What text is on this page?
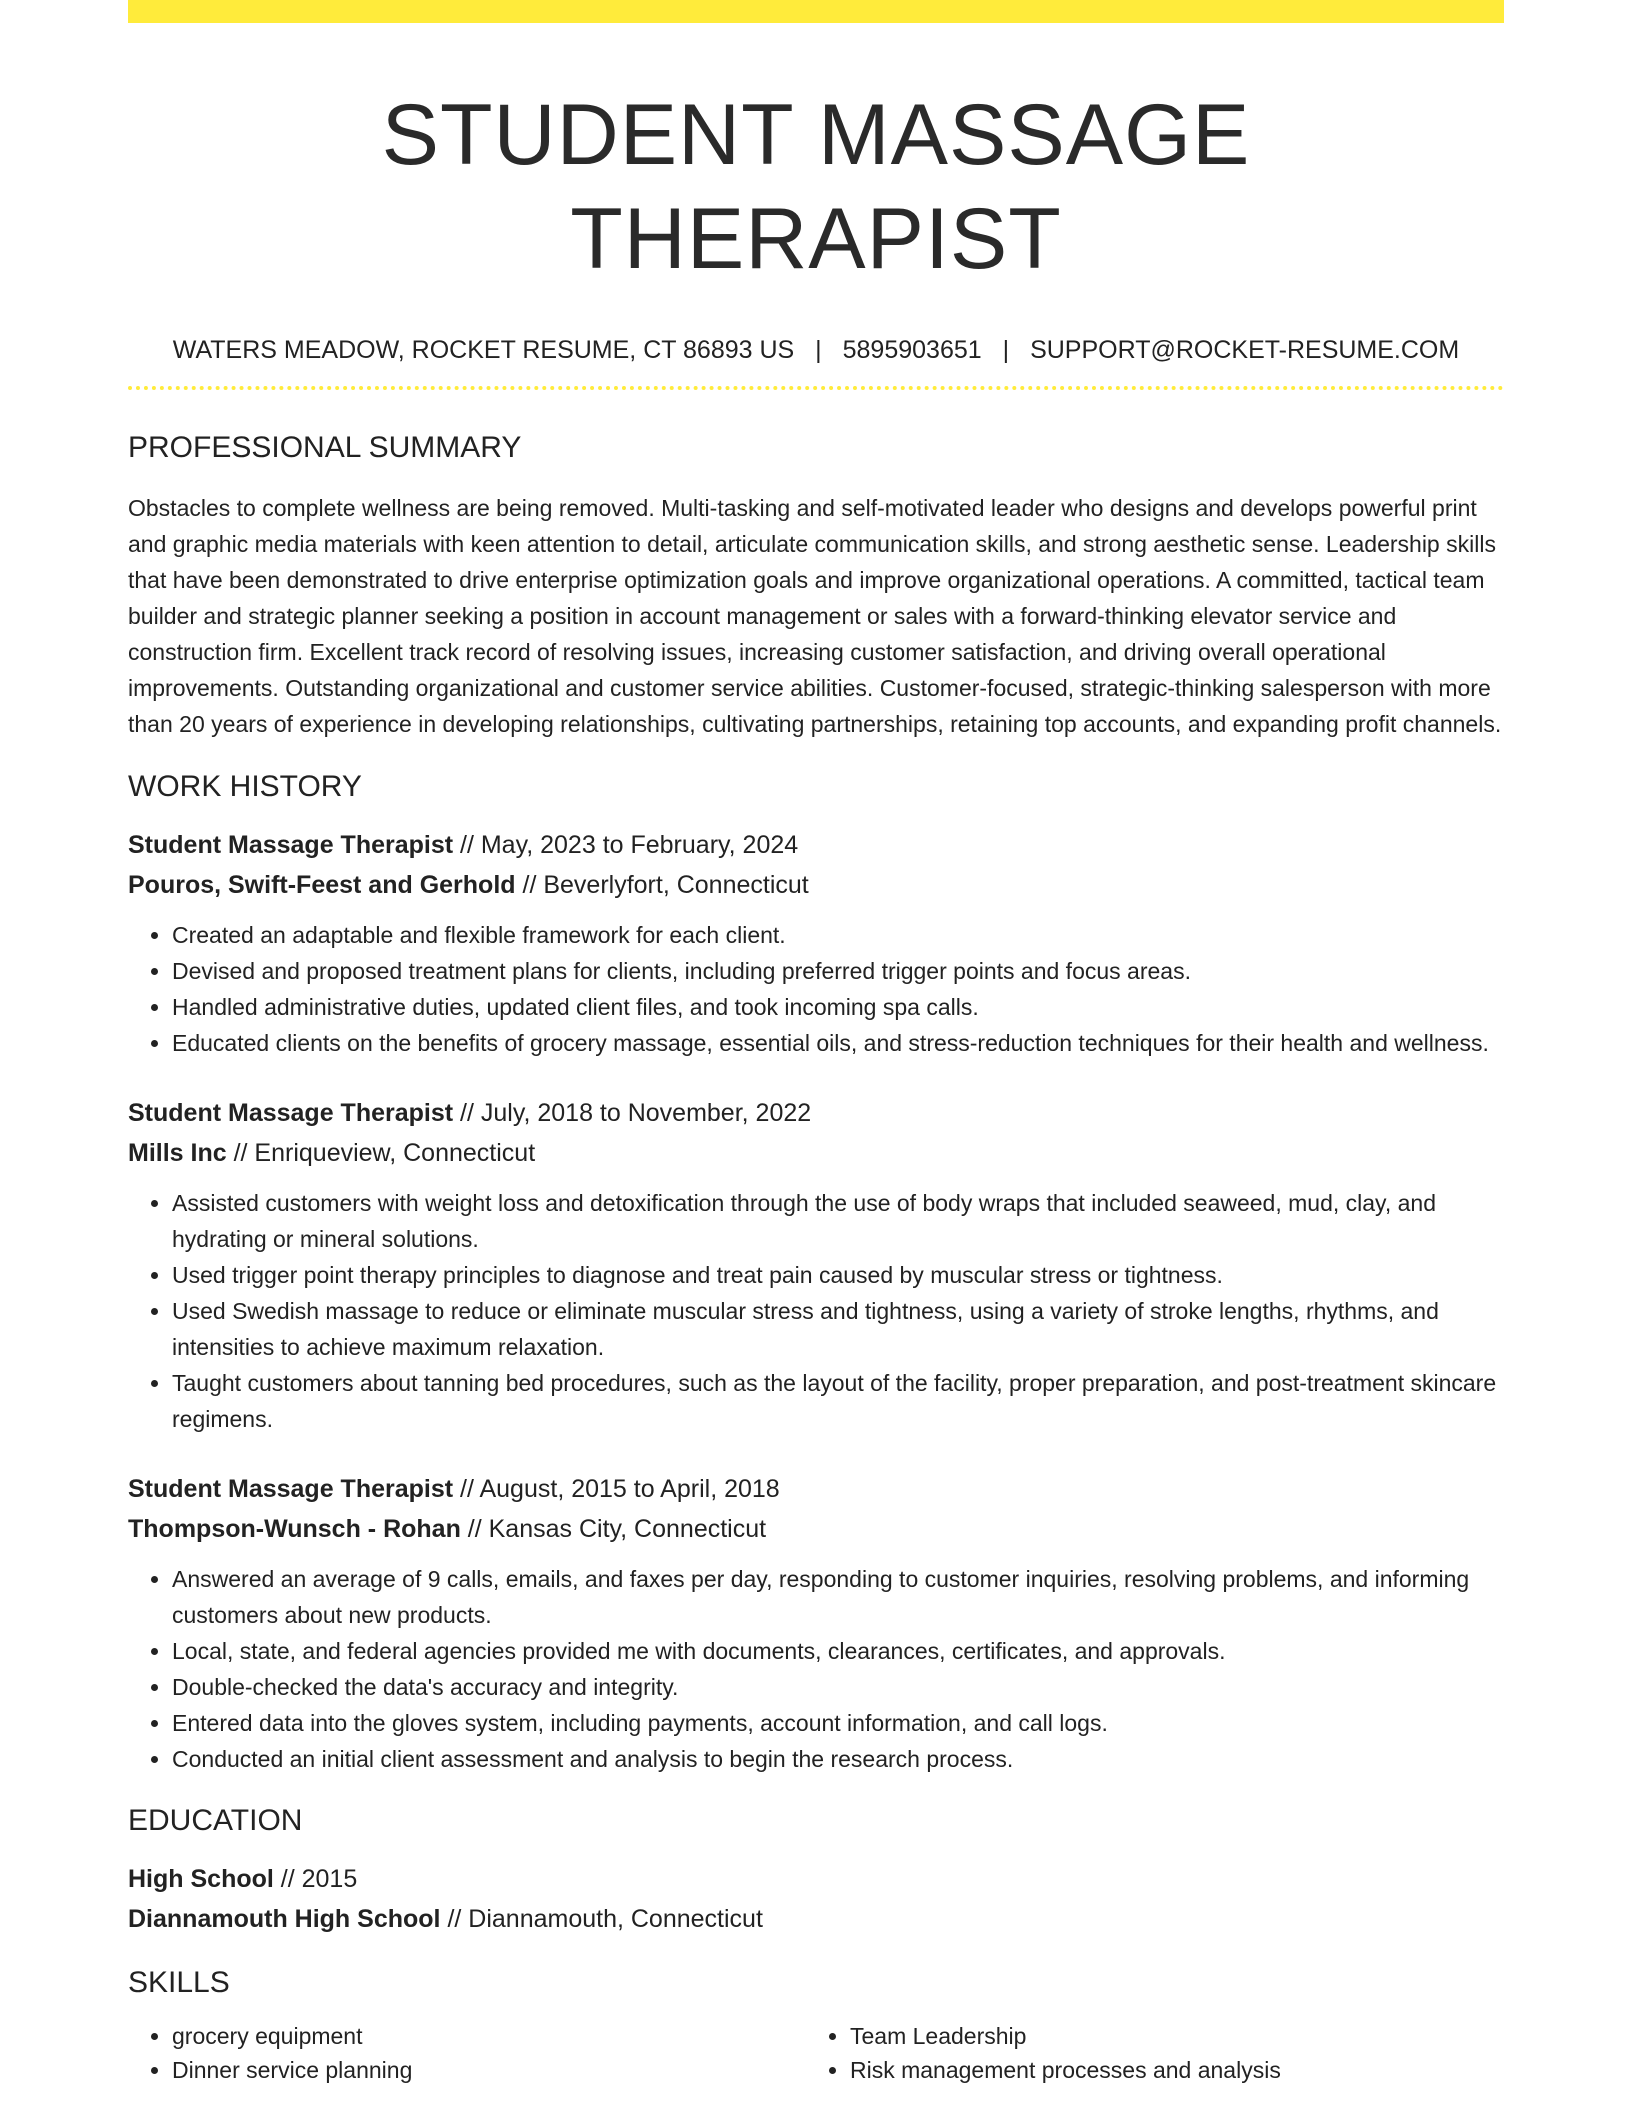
STUDENT MASSAGE THERAPIST
WATERS MEADOW, ROCKET RESUME, CT 86893 US | 5895903651 | SUPPORT@ROCKET-RESUME.COM
PROFESSIONAL SUMMARY

Obstacles to complete wellness are being removed. Multi-tasking and self-motivated leader who designs and develops powerful print and graphic media materials with keen attention to detail, articulate communication skills, and strong aesthetic sense. Leadership skills that have been demonstrated to drive enterprise optimization goals and improve organizational operations. A committed, tactical team builder and strategic planner seeking a position in account management or sales with a forward-thinking elevator service and construction firm. Excellent track record of resolving issues, increasing customer satisfaction, and driving overall operational improvements. Outstanding organizational and customer service abilities. Customer-focused, strategic-thinking salesperson with more than 20 years of experience in developing relationships, cultivating partnerships, retaining top accounts, and expanding profit channels.

WORK HISTORY
Student Massage Therapist // May, 2023 to February, 2024
Pouros, Swift-Feest and Gerhold // Beverlyfort, Connecticut
• Created an adaptable and flexible framework for each client.
• Devised and proposed treatment plans for clients, including preferred trigger points and focus areas.
• Handled administrative duties, updated client files, and took incoming spa calls.
• Educated clients on the benefits of grocery massage, essential oils, and stress-reduction techniques for their health and wellness.
Student Massage Therapist // July, 2018 to November, 2022
Mills Inc // Enriqueview, Connecticut
• Assisted customers with weight loss and detoxification through the use of body wraps that included seaweed, mud, clay, and hydrating or mineral solutions.
• Used trigger point therapy principles to diagnose and treat pain caused by muscular stress or tightness.
• Used Swedish massage to reduce or eliminate muscular stress and tightness, using a variety of stroke lengths, rhythms, and intensities to achieve maximum relaxation.
• Taught customers about tanning bed procedures, such as the layout of the facility, proper preparation, and post-treatment skincare regimens.
Student Massage Therapist // August, 2015 to April, 2018
Thompson-Wunsch - Rohan // Kansas City, Connecticut
• Answered an average of 9 calls, emails, and faxes per day, responding to customer inquiries, resolving problems, and informing customers about new products.
• Local, state, and federal agencies provided me with documents, clearances, certificates, and approvals.
• Double-checked the data's accuracy and integrity.
• Entered data into the gloves system, including payments, account information, and call logs.
• Conducted an initial client assessment and analysis to begin the research process.
EDUCATION
High School // 2015
Diannamouth High School // Diannamouth, Connecticut
SKILLS
• grocery equipment
• Dinner service planning
• Team Leadership
• Risk management processes and analysis
